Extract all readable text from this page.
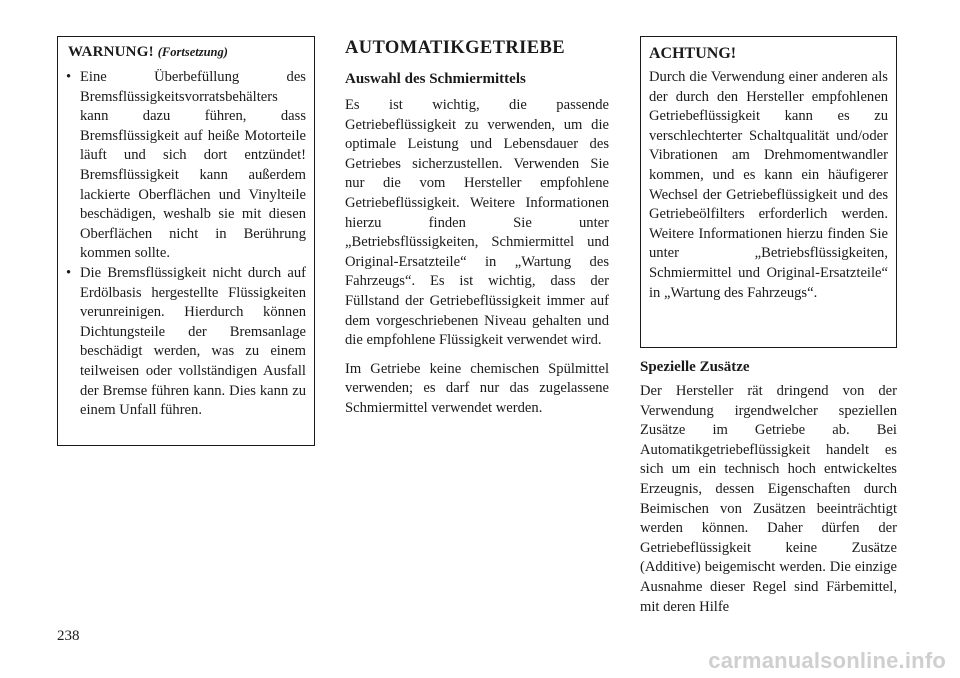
WARNUNG! (Fortsetzung)
• Eine Überbefüllung des Bremsflüssigkeitsvorratsbehälters kann dazu führen, dass Bremsflüssigkeit auf heiße Motorteile läuft und sich dort entzündet! Bremsflüssigkeit kann außerdem lackierte Oberflächen und Vinylteile beschädigen, weshalb sie mit diesen Oberflächen nicht in Berührung kommen sollte.

• Die Bremsflüssigkeit nicht durch auf Erdölbasis hergestellte Flüssigkeiten verunreinigen. Hierdurch können Dichtungsteile der Bremsanlage beschädigt werden, was zu einem teilweisen oder vollständigen Ausfall der Bremse führen kann. Dies kann zu einem Unfall führen.

AUTOMATIKGETRIEBE
Auswahl des Schmiermittels

Es ist wichtig, die passende Getriebeflüssigkeit zu verwenden, um die optimale Leistung und Lebensdauer des Getriebes sicherzustellen. Verwenden Sie nur die vom Hersteller empfohlene Getriebeflüssigkeit. Weitere Informationen hierzu finden Sie unter „Betriebsflüssigkeiten, Schmiermittel und Original-Ersatzteile“ in „Wartung des Fahrzeugs“. Es ist wichtig, dass der Füllstand der Getriebeflüssigkeit immer auf dem vorgeschriebenen Niveau gehalten und die empfohlene Flüssigkeit verwendet wird.

Im Getriebe keine chemischen Spülmittel verwenden; es darf nur das zugelassene Schmiermittel verwendet werden.

ACHTUNG!

Durch die Verwendung einer anderen als der durch den Hersteller empfohlenen Getriebeflüssigkeit kann es zu verschlechterter Schaltqualität und/oder Vibrationen am Drehmomentwandler kommen, und es kann ein häufigerer Wechsel der Getriebeflüssigkeit und des Getriebeölfilters erforderlich werden. Weitere Informationen hierzu finden Sie unter „Betriebsflüssigkeiten, Schmiermittel und Original-Ersatzteile“ in „Wartung des Fahrzeugs“.

Spezielle Zusätze

Der Hersteller rät dringend von der Verwendung irgendwelcher speziellen Zusätze im Getriebe ab. Bei Automatikgetriebeflüssigkeit handelt es sich um ein technisch hoch entwickeltes Erzeugnis, dessen Eigenschaften durch Beimischen von Zusätzen beeinträchtigt werden können. Daher dürfen der Getriebeflüssigkeit keine Zusätze (Additive) beigemischt werden. Die einzige Ausnahme dieser Regel sind Färbemittel, mit deren Hilfe

238
carmanualsonline.info
